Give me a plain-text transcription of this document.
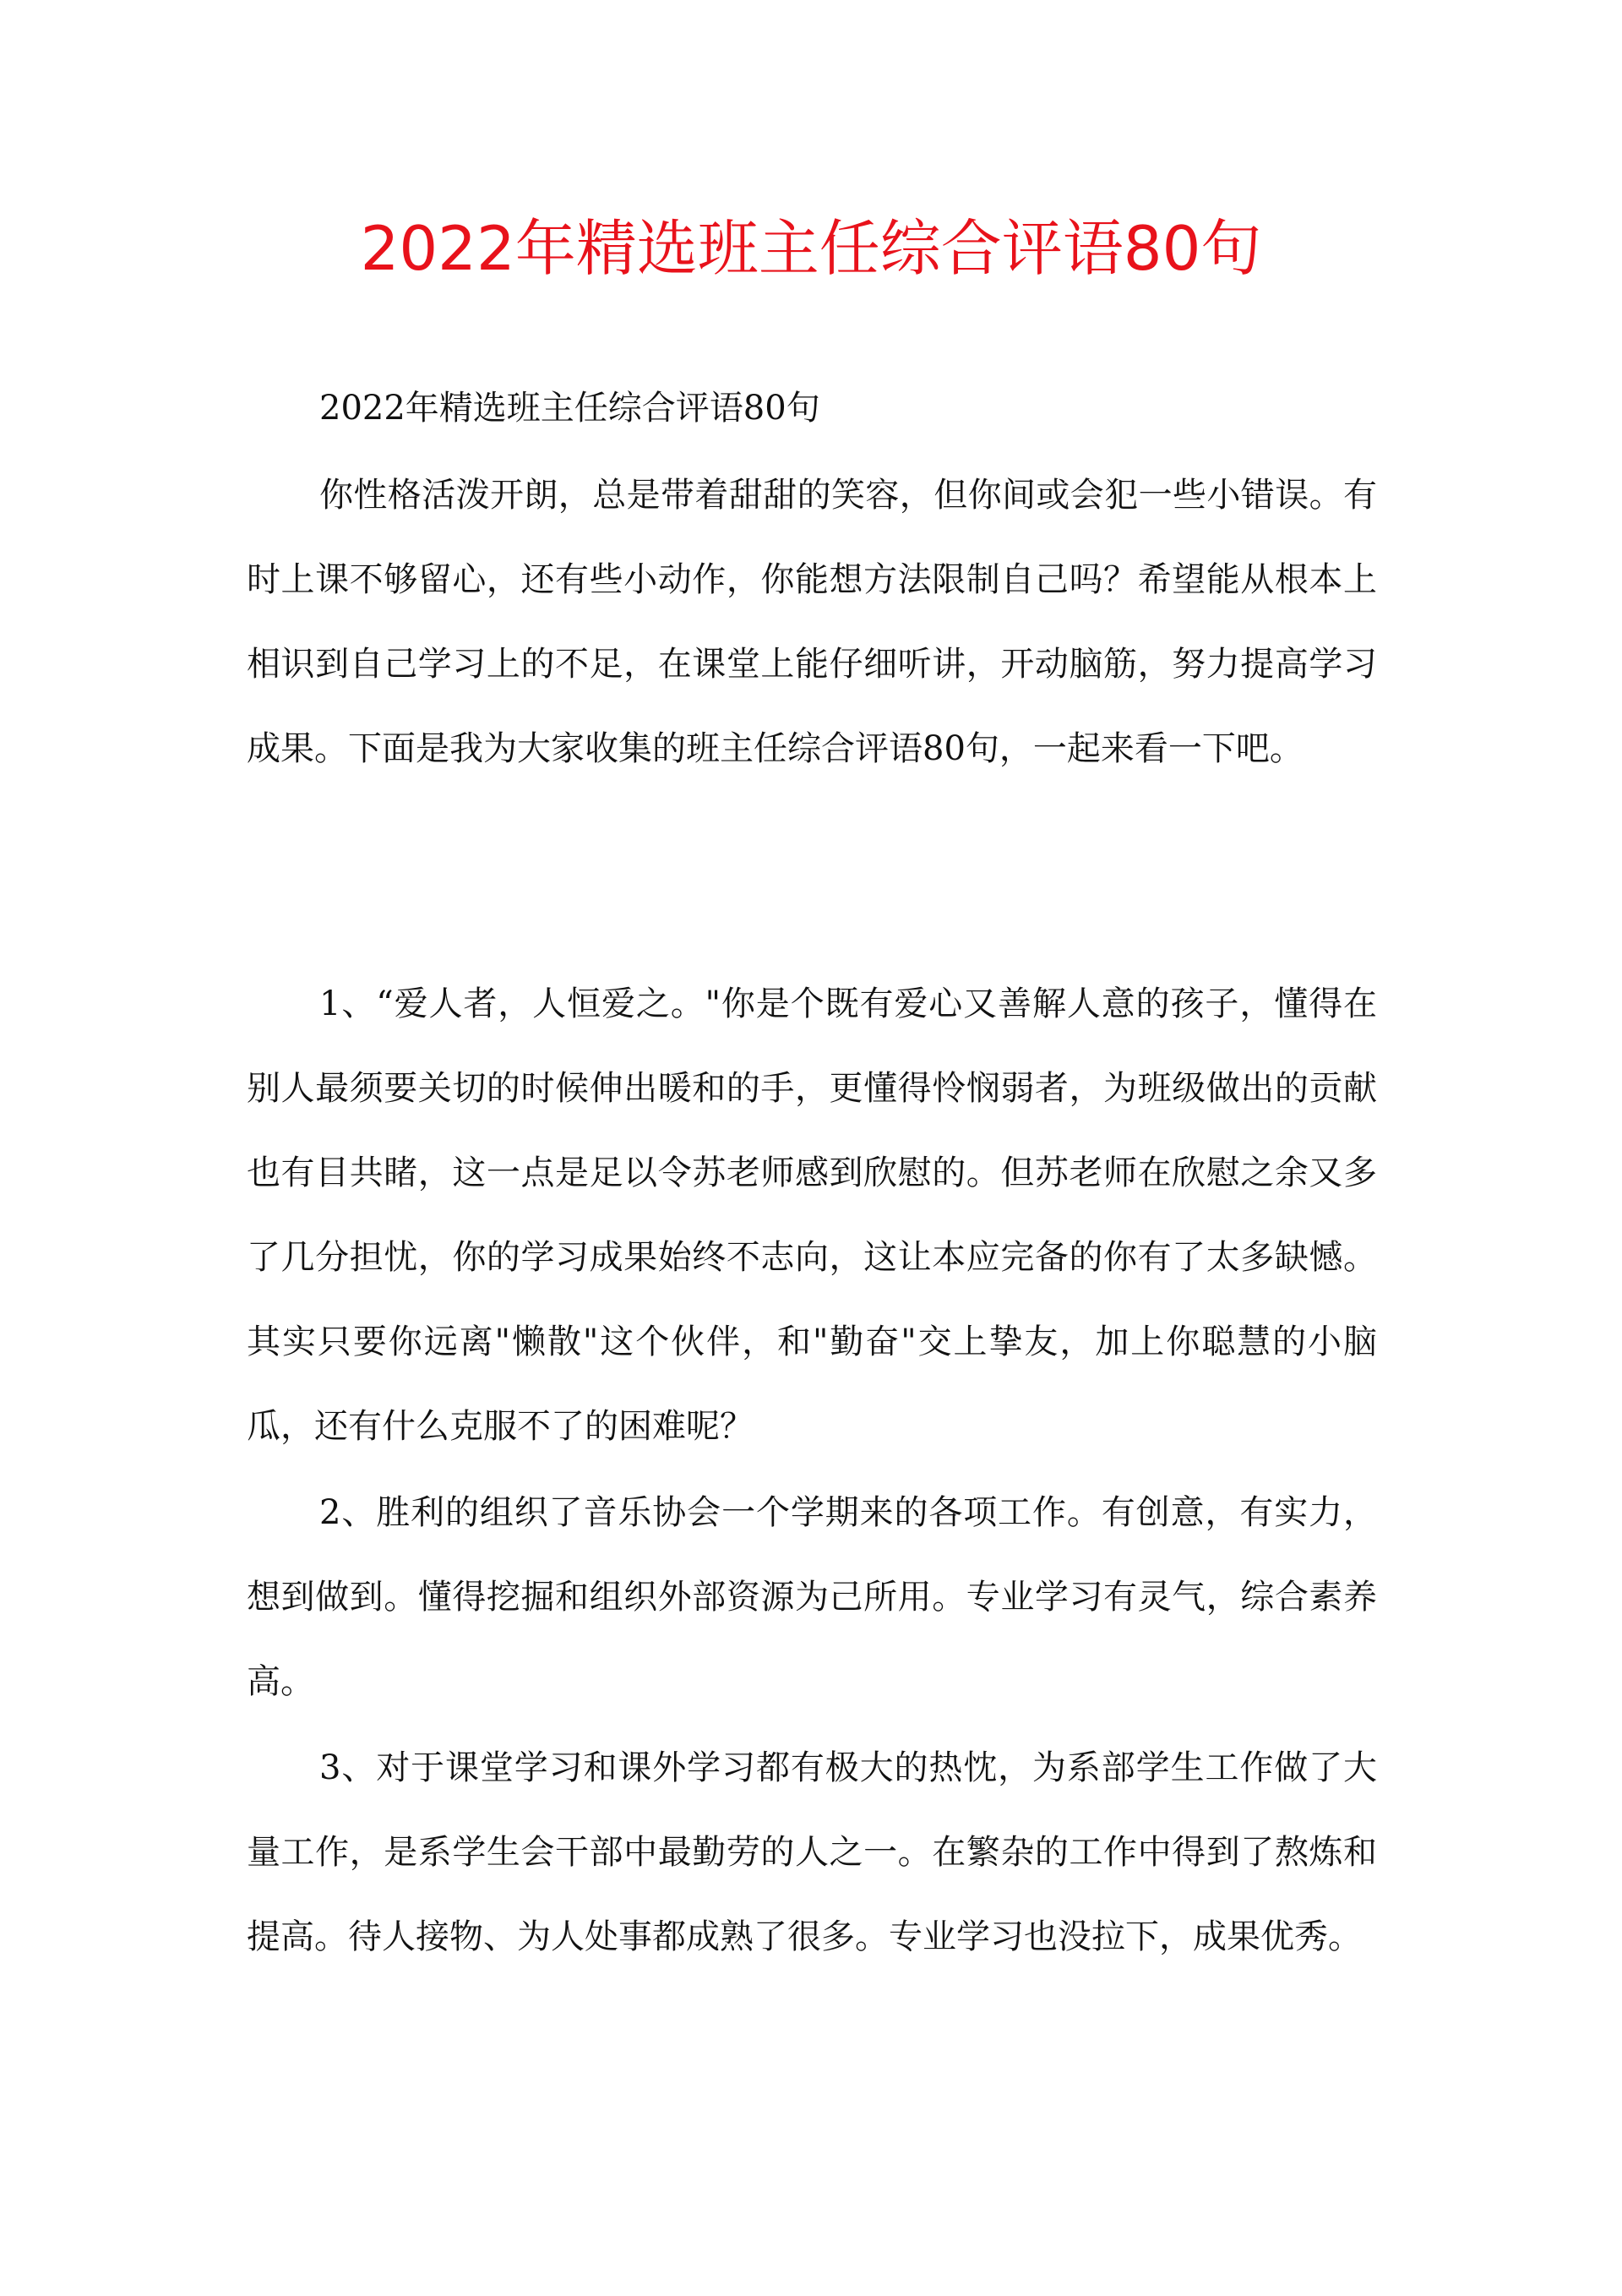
2022年精选班主任综合评语80句
2022年精选班主任综合评语80句

你性格活泼开朗，总是带着甜甜的笑容，但你间或会犯一些小错误。有时上课不够留心，还有些小动作，你能想方法限制自己吗？希望能从根本上相识到自己学习上的不足，在课堂上能仔细听讲，开动脑筋，努力提高学习成果。下面是我为大家收集的班主任综合评语80句，一起来看一下吧。

1、“爱人者，人恒爱之。"你是个既有爱心又善解人意的孩子，懂得在别人最须要关切的时候伸出暖和的手，更懂得怜悯弱者，为班级做出的贡献也有目共睹，这一点是足以令苏老师感到欣慰的。但苏老师在欣慰之余又多了几分担忧，你的学习成果始终不志向，这让本应完备的你有了太多缺憾。其实只要你远离"懒散"这个伙伴，和"勤奋"交上挚友，加上你聪慧的小脑瓜，还有什么克服不了的困难呢？

2、胜利的组织了音乐协会一个学期来的各项工作。有创意，有实力，想到做到。懂得挖掘和组织外部资源为己所用。专业学习有灵气，综合素养高。

3、对于课堂学习和课外学习都有极大的热忱，为系部学生工作做了大量工作，是系学生会干部中最勤劳的人之一。在繁杂的工作中得到了熬炼和提高。待人接物、为人处事都成熟了很多。专业学习也没拉下，成果优秀。
